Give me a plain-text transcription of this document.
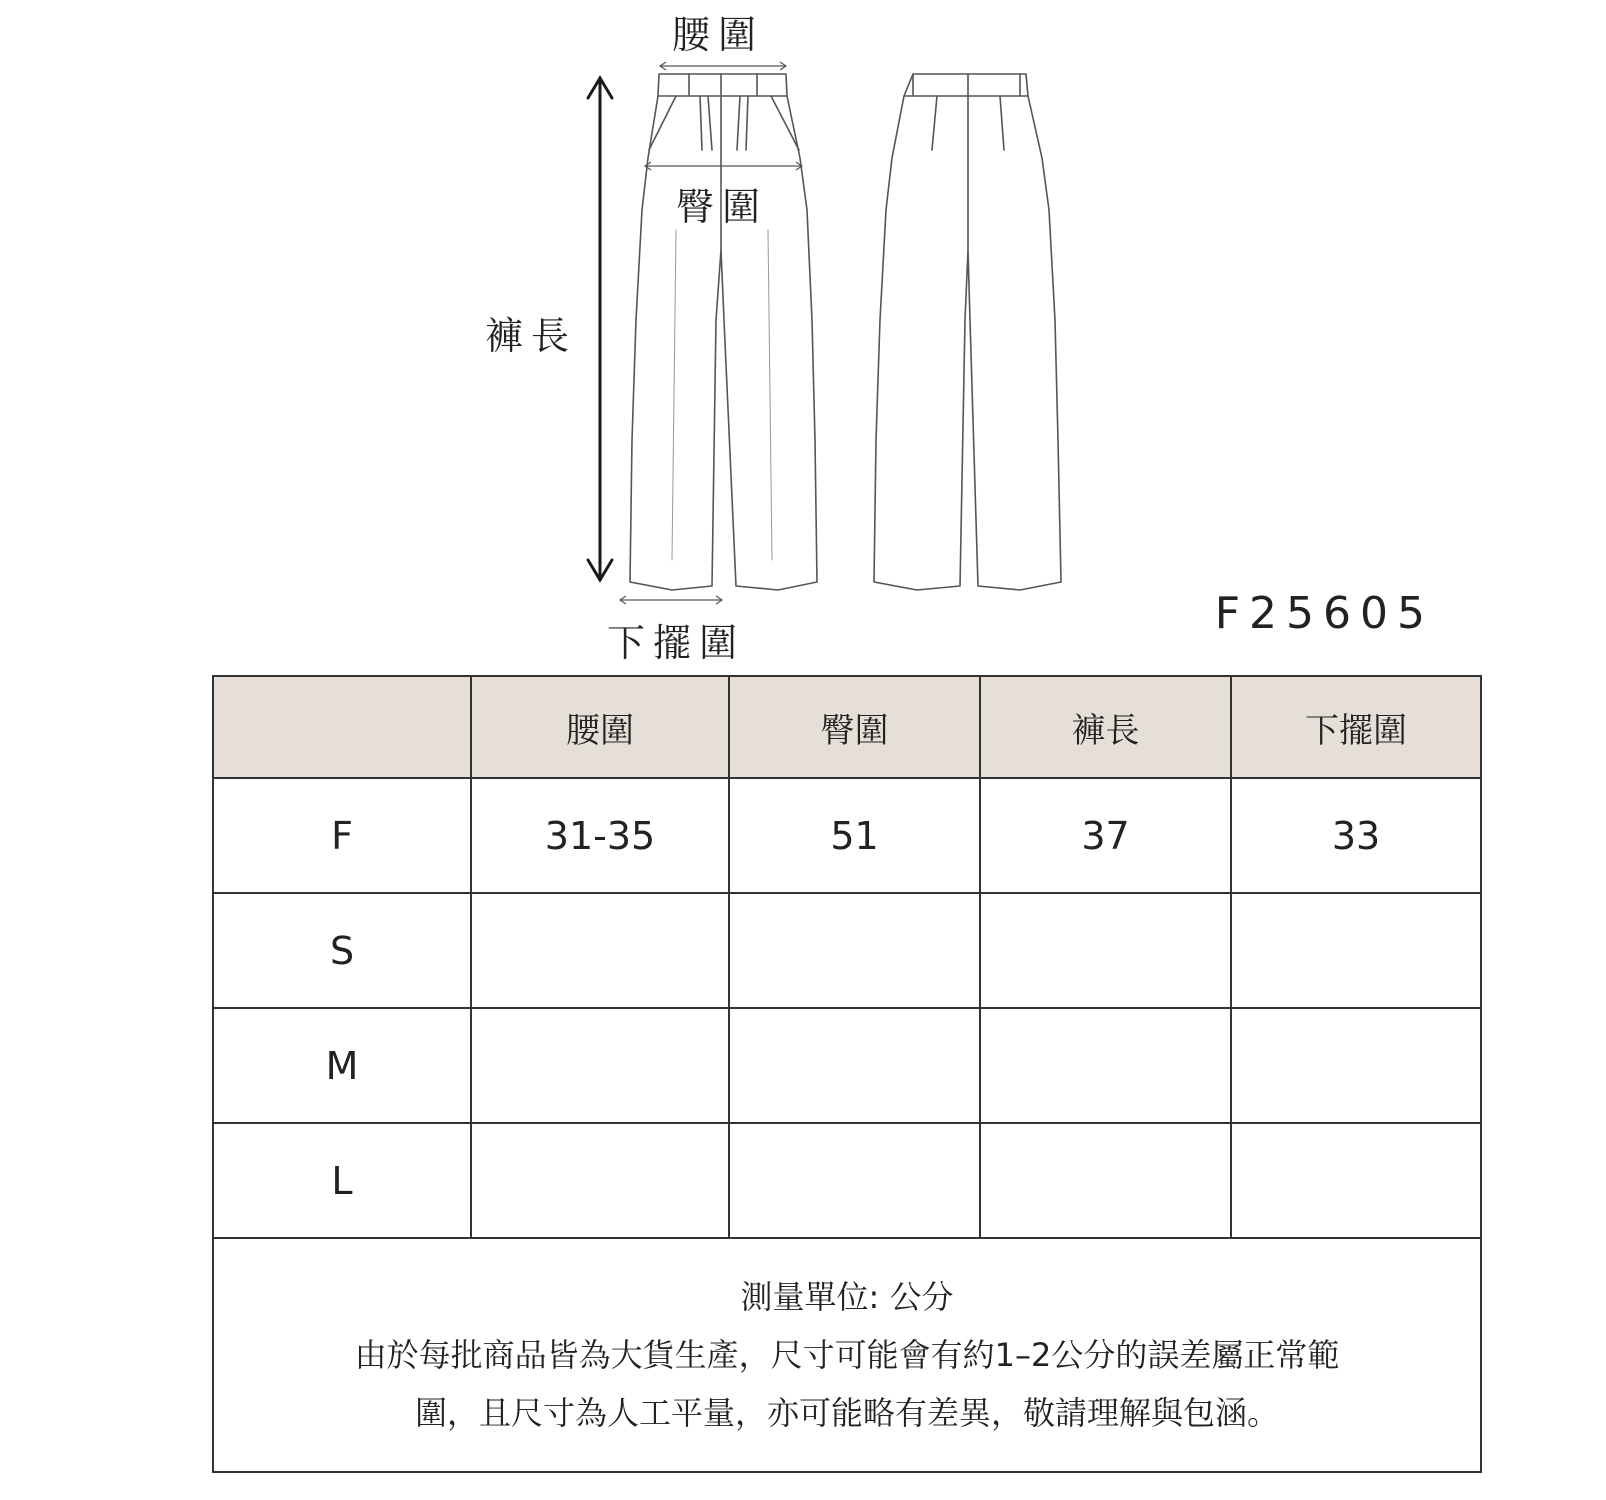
腰圍
臀圍
褲長
下擺圍
F25605
	腰圍	臀圍	褲長	下擺圍
F	31-35	51	37	33
S				
M				
L				

測量單位: 公分
由於每批商品皆為大貨生產，尺寸可能會有約1–2公分的誤差屬正常範
圍，且尺寸為人工平量，亦可能略有差異，敬請理解與包涵。				
